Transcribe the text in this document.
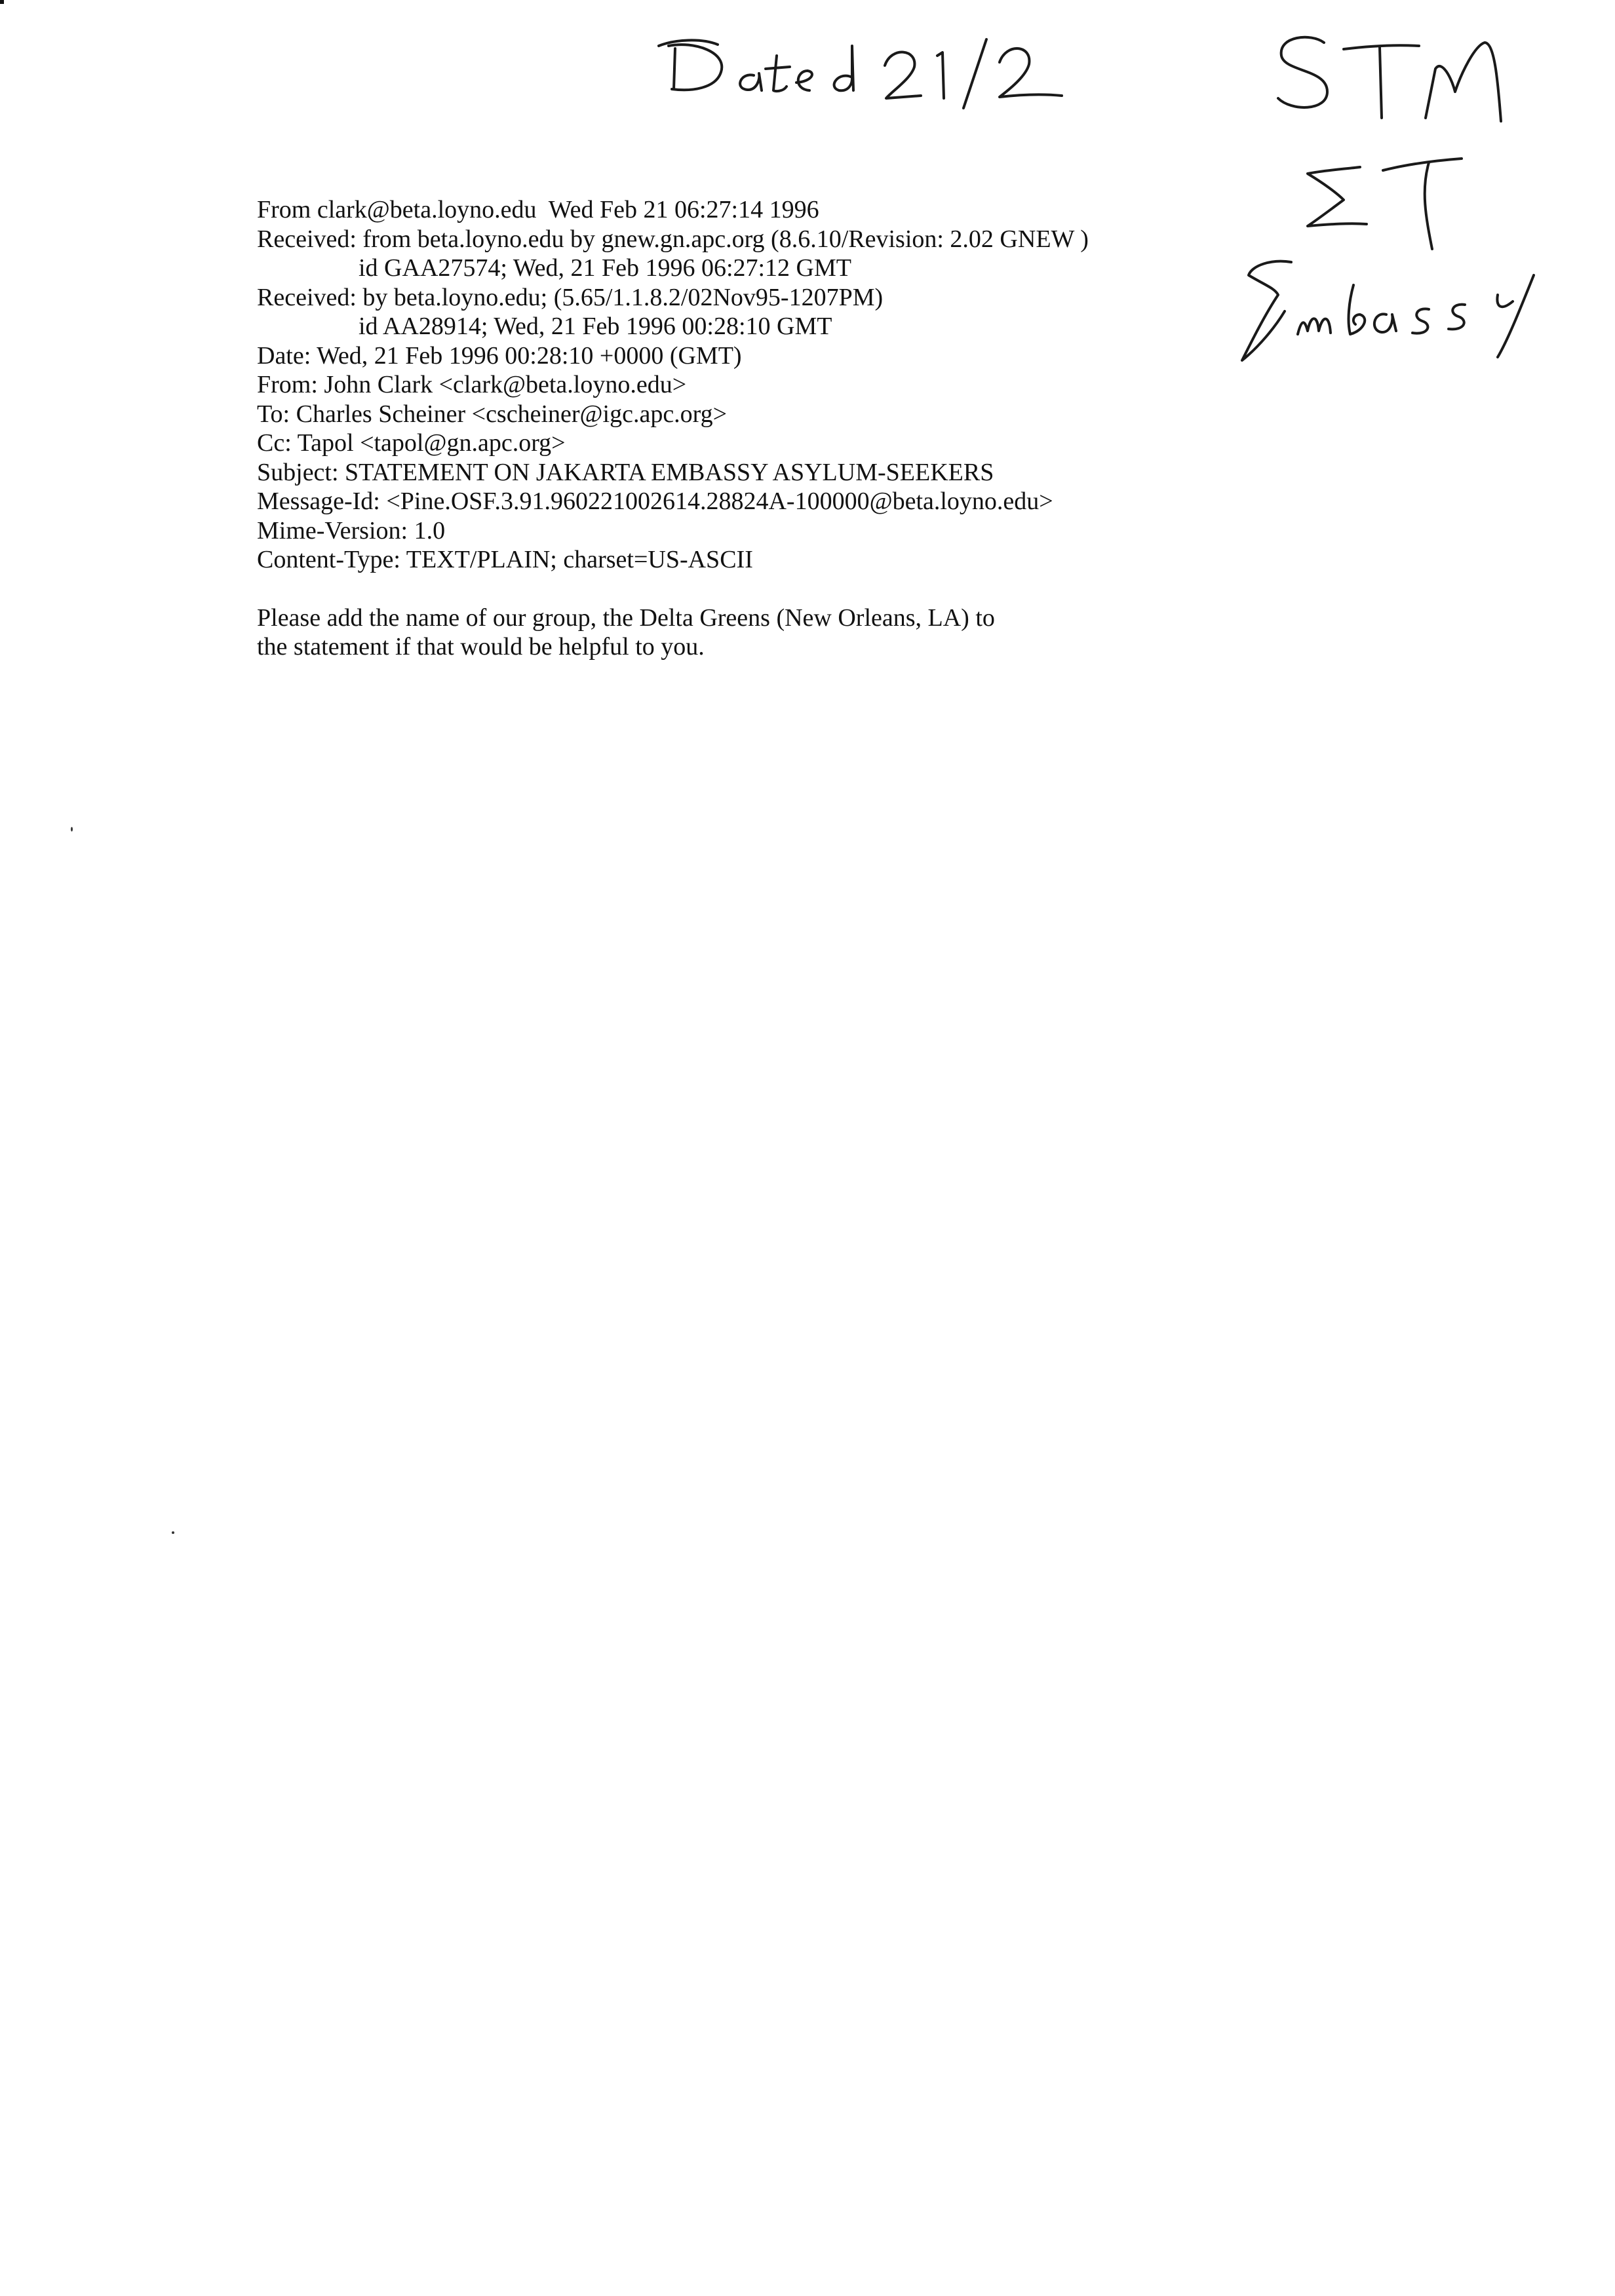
From clark@beta.loyno.edu  Wed Feb 21 06:27:14 1996
Received: from beta.loyno.edu by gnew.gn.apc.org (8.6.10/Revision: 2.02 GNEW )
id GAA27574; Wed, 21 Feb 1996 06:27:12 GMT
Received: by beta.loyno.edu; (5.65/1.1.8.2/02Nov95-1207PM)
id AA28914; Wed, 21 Feb 1996 00:28:10 GMT
Date: Wed, 21 Feb 1996 00:28:10 +0000 (GMT)
From: John Clark <clark@beta.loyno.edu>
To: Charles Scheiner <cscheiner@igc.apc.org>
Cc: Tapol <tapol@gn.apc.org>
Subject: STATEMENT ON JAKARTA EMBASSY ASYLUM-SEEKERS
Message-Id: <Pine.OSF.3.91.960221002614.28824A-100000@beta.loyno.edu>
Mime-Version: 1.0
Content-Type: TEXT/PLAIN; charset=US-ASCII
Please add the name of our group, the Delta Greens (New Orleans, LA) to
the statement if that would be helpful to you.
